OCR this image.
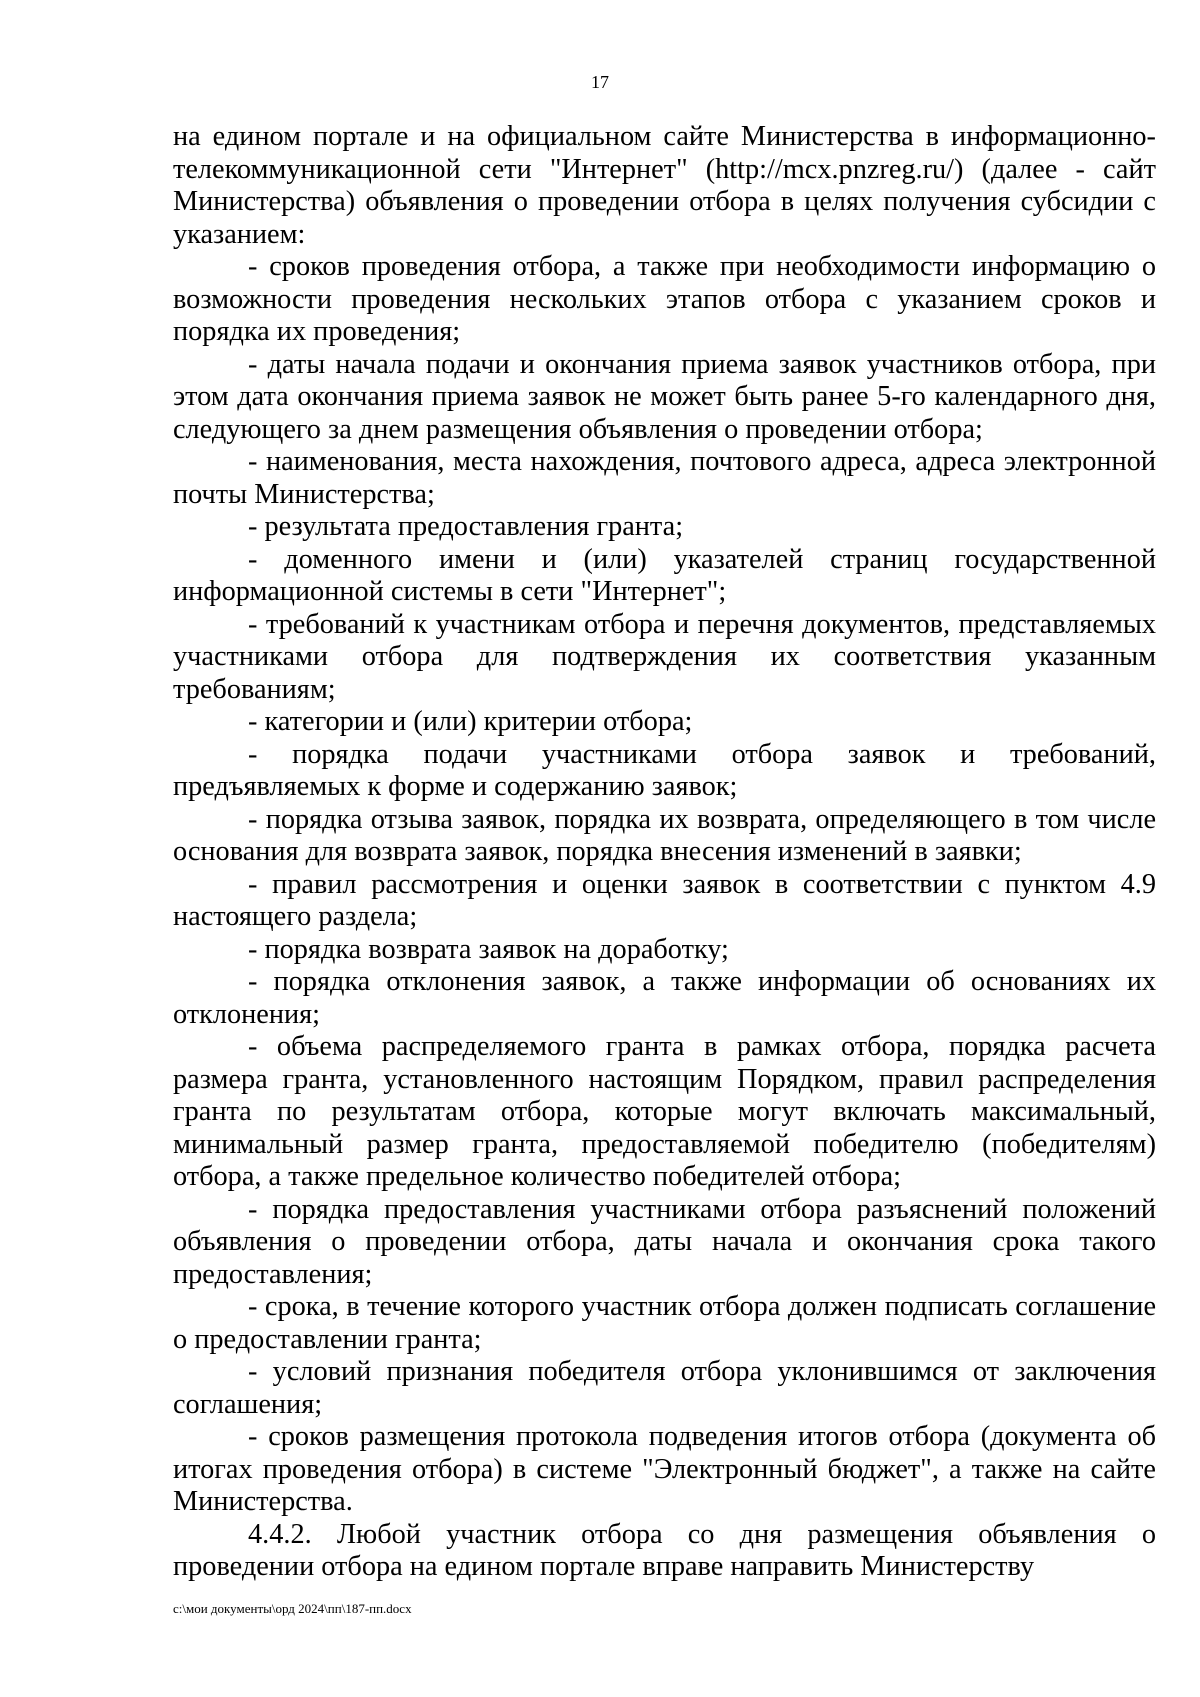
17

на едином портале и на официальном сайте Министерства в информационно-телекоммуникационной сети "Интернет" (http://mcx.pnzreg.ru/) (далее - сайт Министерства) объявления о проведении отбора в целях получения субсидии с указанием:

- сроков проведения отбора, а также при необходимости информацию о возможности проведения нескольких этапов отбора с указанием сроков и порядка их проведения;

- даты начала подачи и окончания приема заявок участников отбора, при этом дата окончания приема заявок не может быть ранее 5-го календарного дня, следующего за днем размещения объявления о проведении отбора;

- наименования, места нахождения, почтового адреса, адреса электронной почты Министерства;

- результата предоставления гранта;

- доменного имени и (или) указателей страниц государственной информационной системы в сети "Интернет";

- требований к участникам отбора и перечня документов, представляемых участниками отбора для подтверждения их соответствия указанным требованиям;

- категории и (или) критерии отбора;

- порядка подачи участниками отбора заявок и требований, предъявляемых к форме и содержанию заявок;

- порядка отзыва заявок, порядка их возврата, определяющего в том числе основания для возврата заявок, порядка внесения изменений в заявки;

- правил рассмотрения и оценки заявок в соответствии с пунктом 4.9 настоящего раздела;

- порядка возврата заявок на доработку;

- порядка отклонения заявок, а также информации об основаниях их отклонения;

- объема распределяемого гранта в рамках отбора, порядка расчета размера гранта, установленного настоящим Порядком, правил распределения гранта по результатам отбора, которые могут включать максимальный, минимальный размер гранта, предоставляемой победителю (победителям) отбора, а также предельное количество победителей отбора;

- порядка предоставления участниками отбора разъяснений положений объявления о проведении отбора, даты начала и окончания срока такого предоставления;

- срока, в течение которого участник отбора должен подписать соглашение о предоставлении гранта;

- условий признания победителя отбора уклонившимся от заключения соглашения;

- сроков размещения протокола подведения итогов отбора (документа об итогах проведения отбора) в системе "Электронный бюджет", а также на сайте Министерства.

4.4.2. Любой участник отбора со дня размещения объявления о проведении отбора на едином портале вправе направить Министерству

c:\мои документы\орд 2024\пп\187-пп.docx
